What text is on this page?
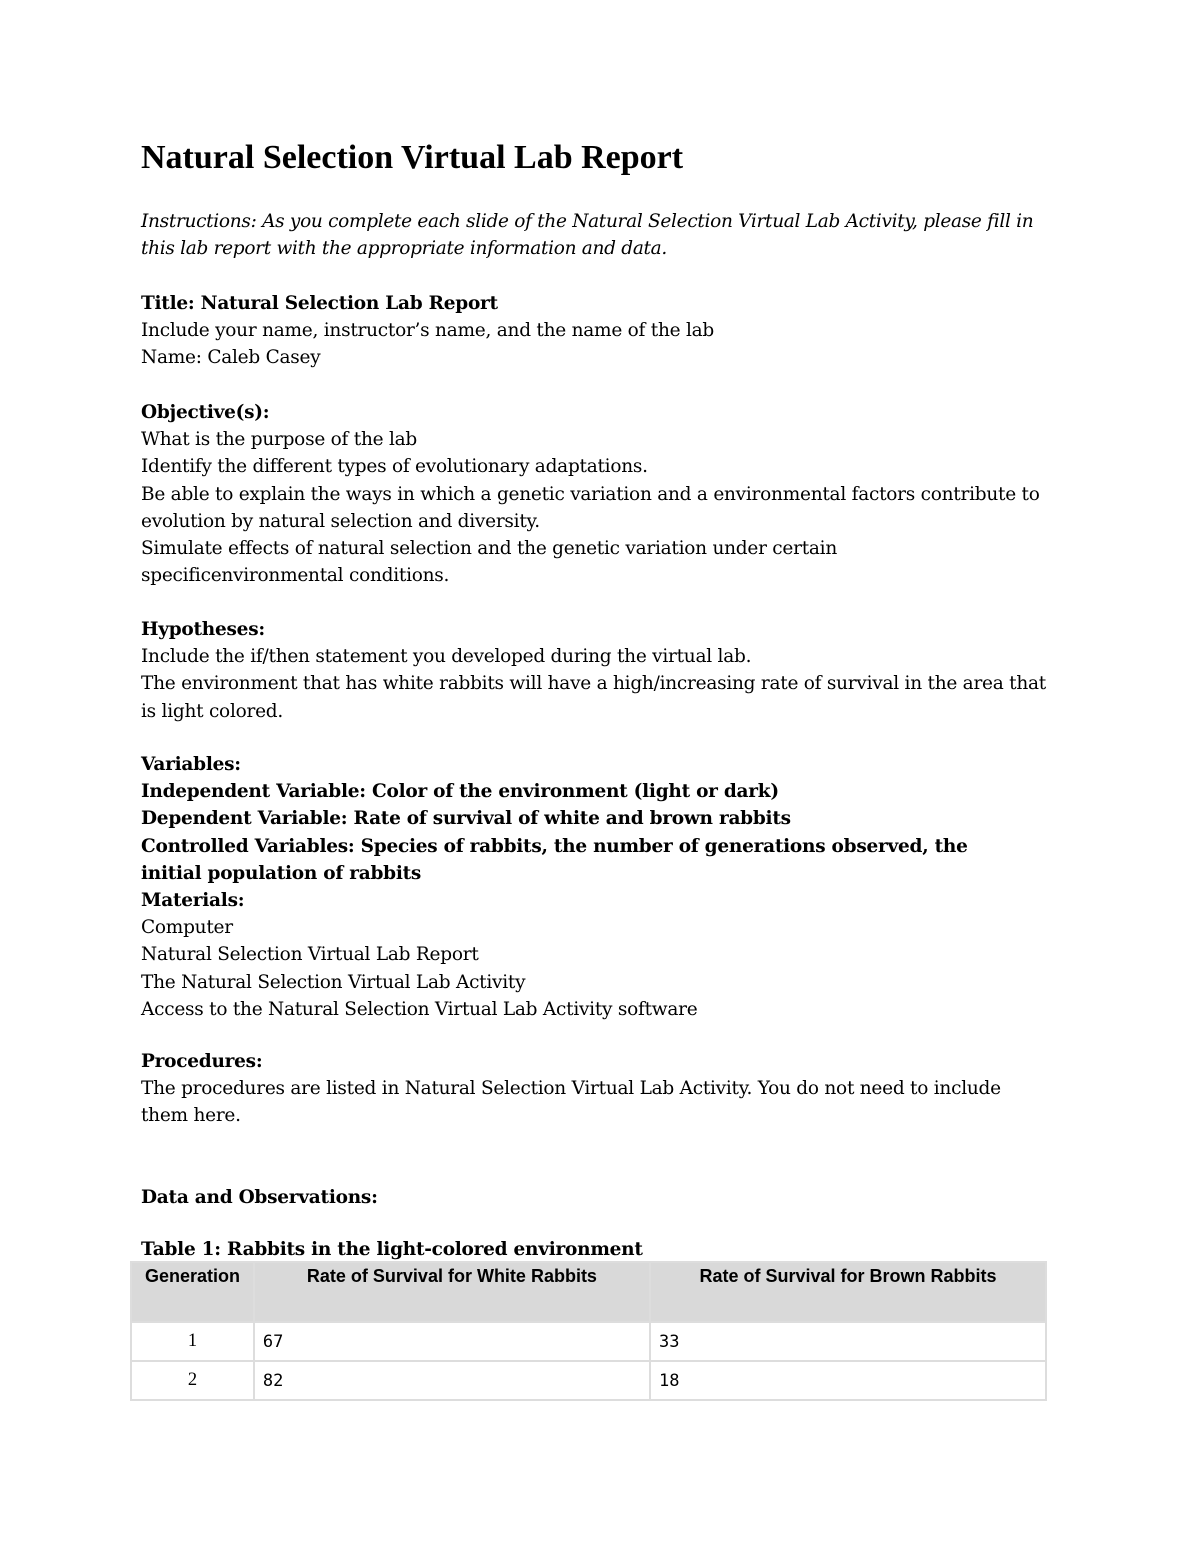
Natural Selection Virtual Lab Report
Instructions: As you complete each slide of the Natural Selection Virtual Lab Activity, please fill in this lab report with the appropriate information and data.
Title: Natural Selection Lab Report
Include your name, instructor’s name, and the name of the lab
Name: Caleb Casey
Objective(s):
What is the purpose of the lab
Identify the different types of evolutionary adaptations.
Be able to explain the ways in which a genetic variation and a environmental factors contribute to evolution by natural selection and diversity.
Simulate effects of natural selection and the genetic variation under certain specificenvironmental conditions.
Hypotheses:
Include the if/then statement you developed during the virtual lab.
The environment that has white rabbits will have a high/increasing rate of survival in the area that is light colored.
Variables:
Independent Variable: Color of the environment (light or dark)
Dependent Variable: Rate of survival of white and brown rabbits
Controlled Variables: Species of rabbits, the number of generations observed, the   initial population of rabbits
Materials:
Computer
Natural Selection Virtual Lab Report
The Natural Selection Virtual Lab Activity
Access to the Natural Selection Virtual Lab Activity software
Procedures:
The procedures are listed in Natural Selection Virtual Lab Activity. You do not need to include them here.
Data and Observations:
Table 1: Rabbits in the light-colored environment
Generation	Rate of Survival for White Rabbits	Rate of Survival for Brown Rabbits
1	67	33
2	82	18
